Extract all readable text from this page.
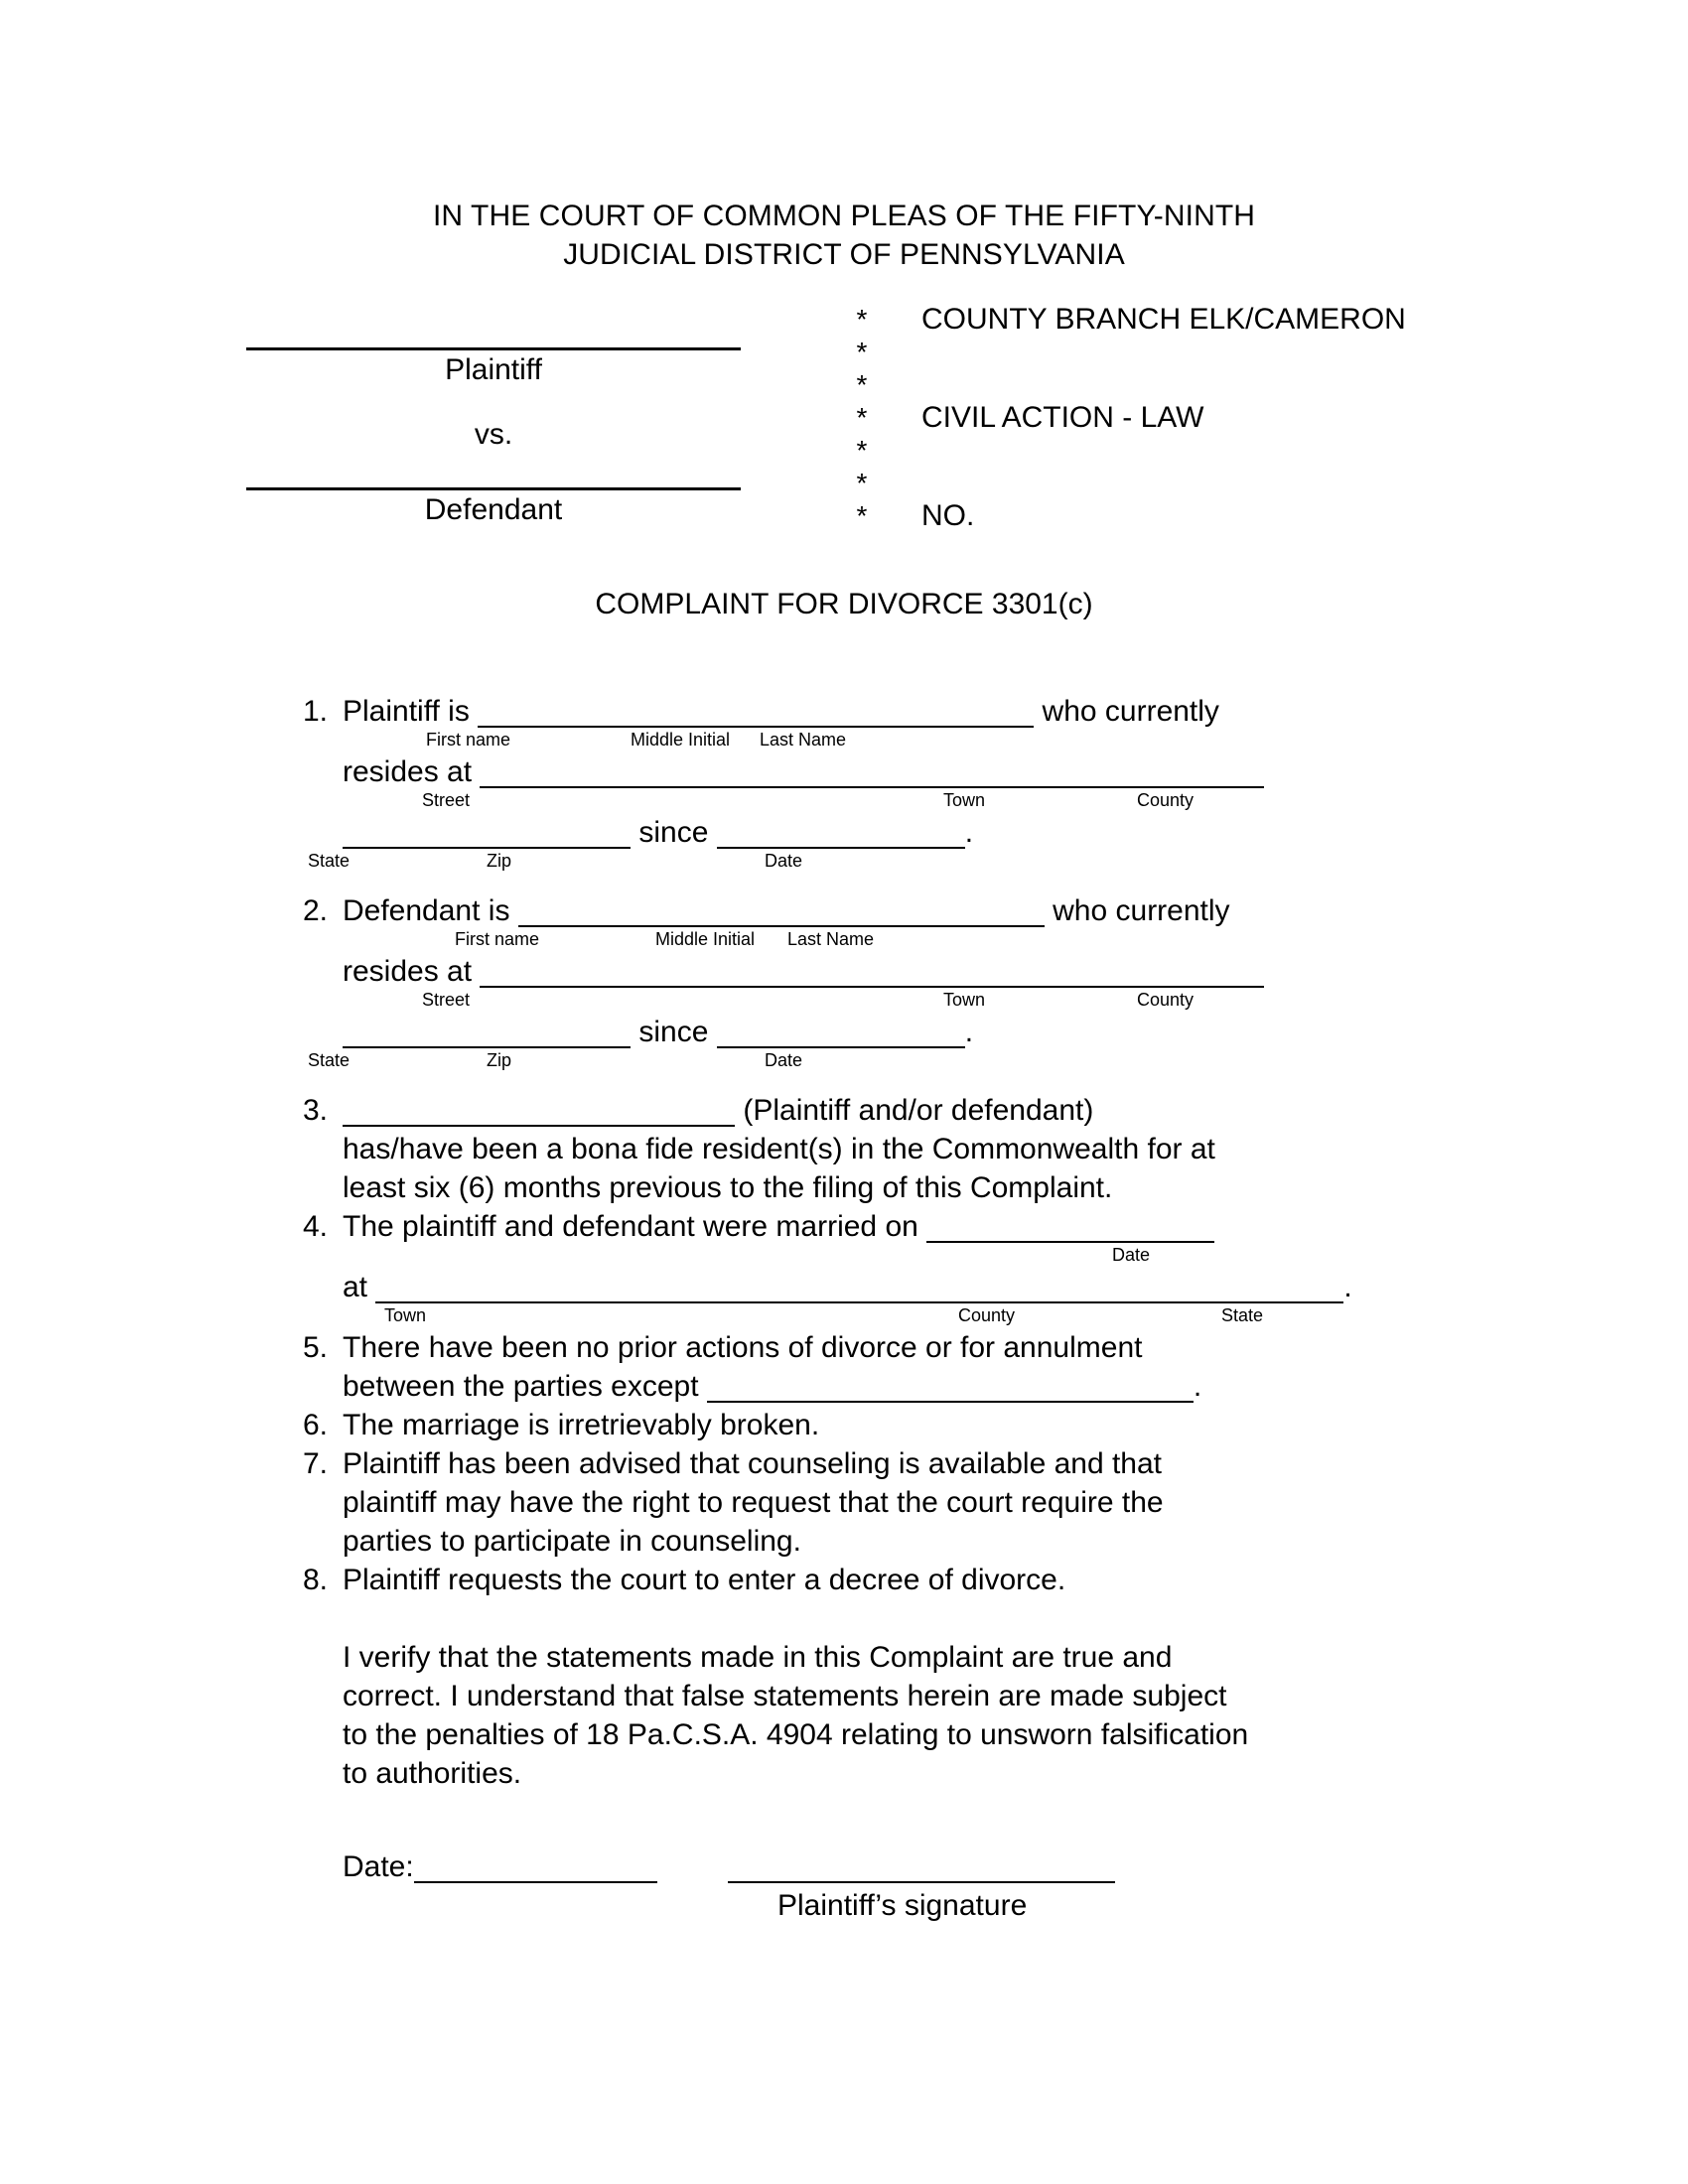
IN THE COURT OF COMMON PLEAS OF THE FIFTY-NINTH
JUDICIAL DISTRICT OF PENNSYLVANIA
Plaintiff
vs.
Defendant
*
*
*
*
*
*
*
COUNTY BRANCH ELK/CAMERON

CIVIL ACTION - LAW

NO.
COMPLAINT FOR DIVORCE 3301(c)
1. Plaintiff is	who currently
First name	Middle Initial Last Name
resides at
Street	Town	County
since	.
State	Zip	Date
2. Defendant is	who currently
First name	Middle Initial Last Name
resides at
Street	Town	County
since	.
State	Zip	Date
3.	(Plaintiff and/or defendant)
has/have been a bona fide resident(s) in the Commonwealth for at
least six (6) months previous to the filing of this Complaint.
4. The plaintiff and defendant were married on
Date
at	.
Town	County	State
5. There have been no prior actions of divorce or for annulment
between the parties except	.
6. The marriage is irretrievably broken.
7. Plaintiff has been advised that counseling is available and that
plaintiff may have the right to request that the court require the
parties to participate in counseling.
8. Plaintiff requests the court to enter a decree of divorce.
I verify that the statements made in this Complaint are true and
correct. I understand that false statements herein are made subject
to the penalties of 18 Pa.C.S.A. 4904 relating to unsworn falsification
to authorities.
Date:
Plaintiff’s signature
